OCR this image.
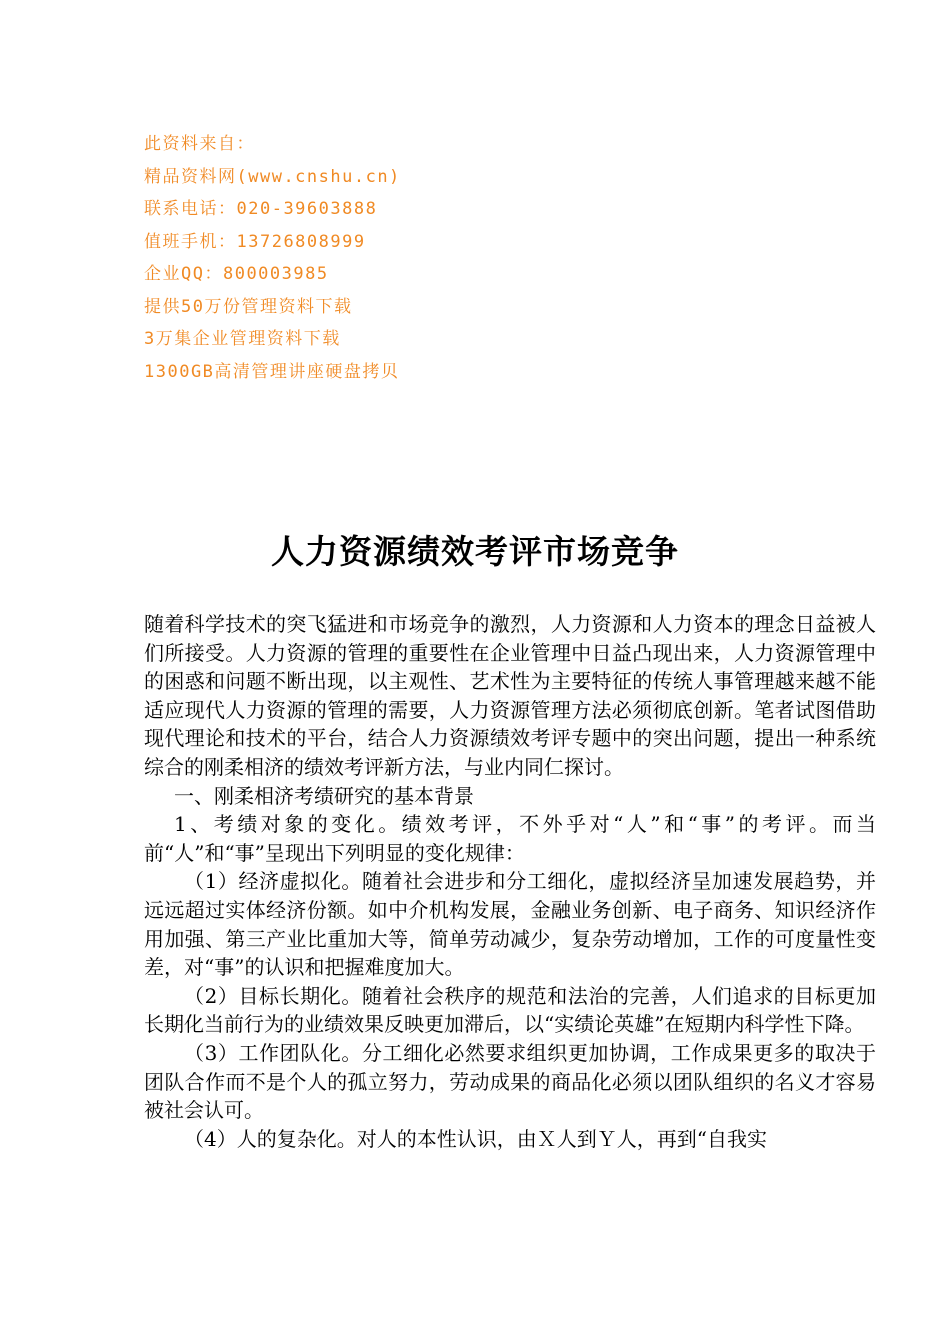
此资料来自：
精品资料网(www.cnshu.cn)
联系电话：020-39603888
值班手机：13726808999
企业QQ：800003985
提供50万份管理资料下载
3万集企业管理资料下载
1300GB高清管理讲座硬盘拷贝
人力资源绩效考评市场竞争

随着科学技术的突飞猛进和市场竞争的激烈，人力资源和人力资本的理念日益被人们所接受。人力资源的管理的重要性在企业管理中日益凸现出来，人力资源管理中的困惑和问题不断出现，以主观性、艺术性为主要特征的传统人事管理越来越不能适应现代人力资源的管理的需要，人力资源管理方法必须彻底创新。笔者试图借助现代理论和技术的平台，结合人力资源绩效考评专题中的突出问题，提出一种系统综合的刚柔相济的绩效考评新方法，与业内同仁探讨。

一、刚柔相济考绩研究的基本背景

1、考绩对象的变化。绩效考评，不外乎对“人”和“事”的考评。而当前“人”和“事”呈现出下列明显的变化规律：

（1）经济虚拟化。随着社会进步和分工细化，虚拟经济呈加速发展趋势，并远远超过实体经济份额。如中介机构发展，金融业务创新、电子商务、知识经济作用加强、第三产业比重加大等，简单劳动减少，复杂劳动增加，工作的可度量性变差，对“事”的认识和把握难度加大。

（2）目标长期化。随着社会秩序的规范和法治的完善，人们追求的目标更加长期化当前行为的业绩效果反映更加滞后，以“实绩论英雄”在短期内科学性下降。

（3）工作团队化。分工细化必然要求组织更加协调，工作成果更多的取决于团队合作而不是个人的孤立努力，劳动成果的商品化必须以团队组织的名义才容易被社会认可。

（4）人的复杂化。对人的本性认识，由Ｘ人到Ｙ人，再到“自我实
